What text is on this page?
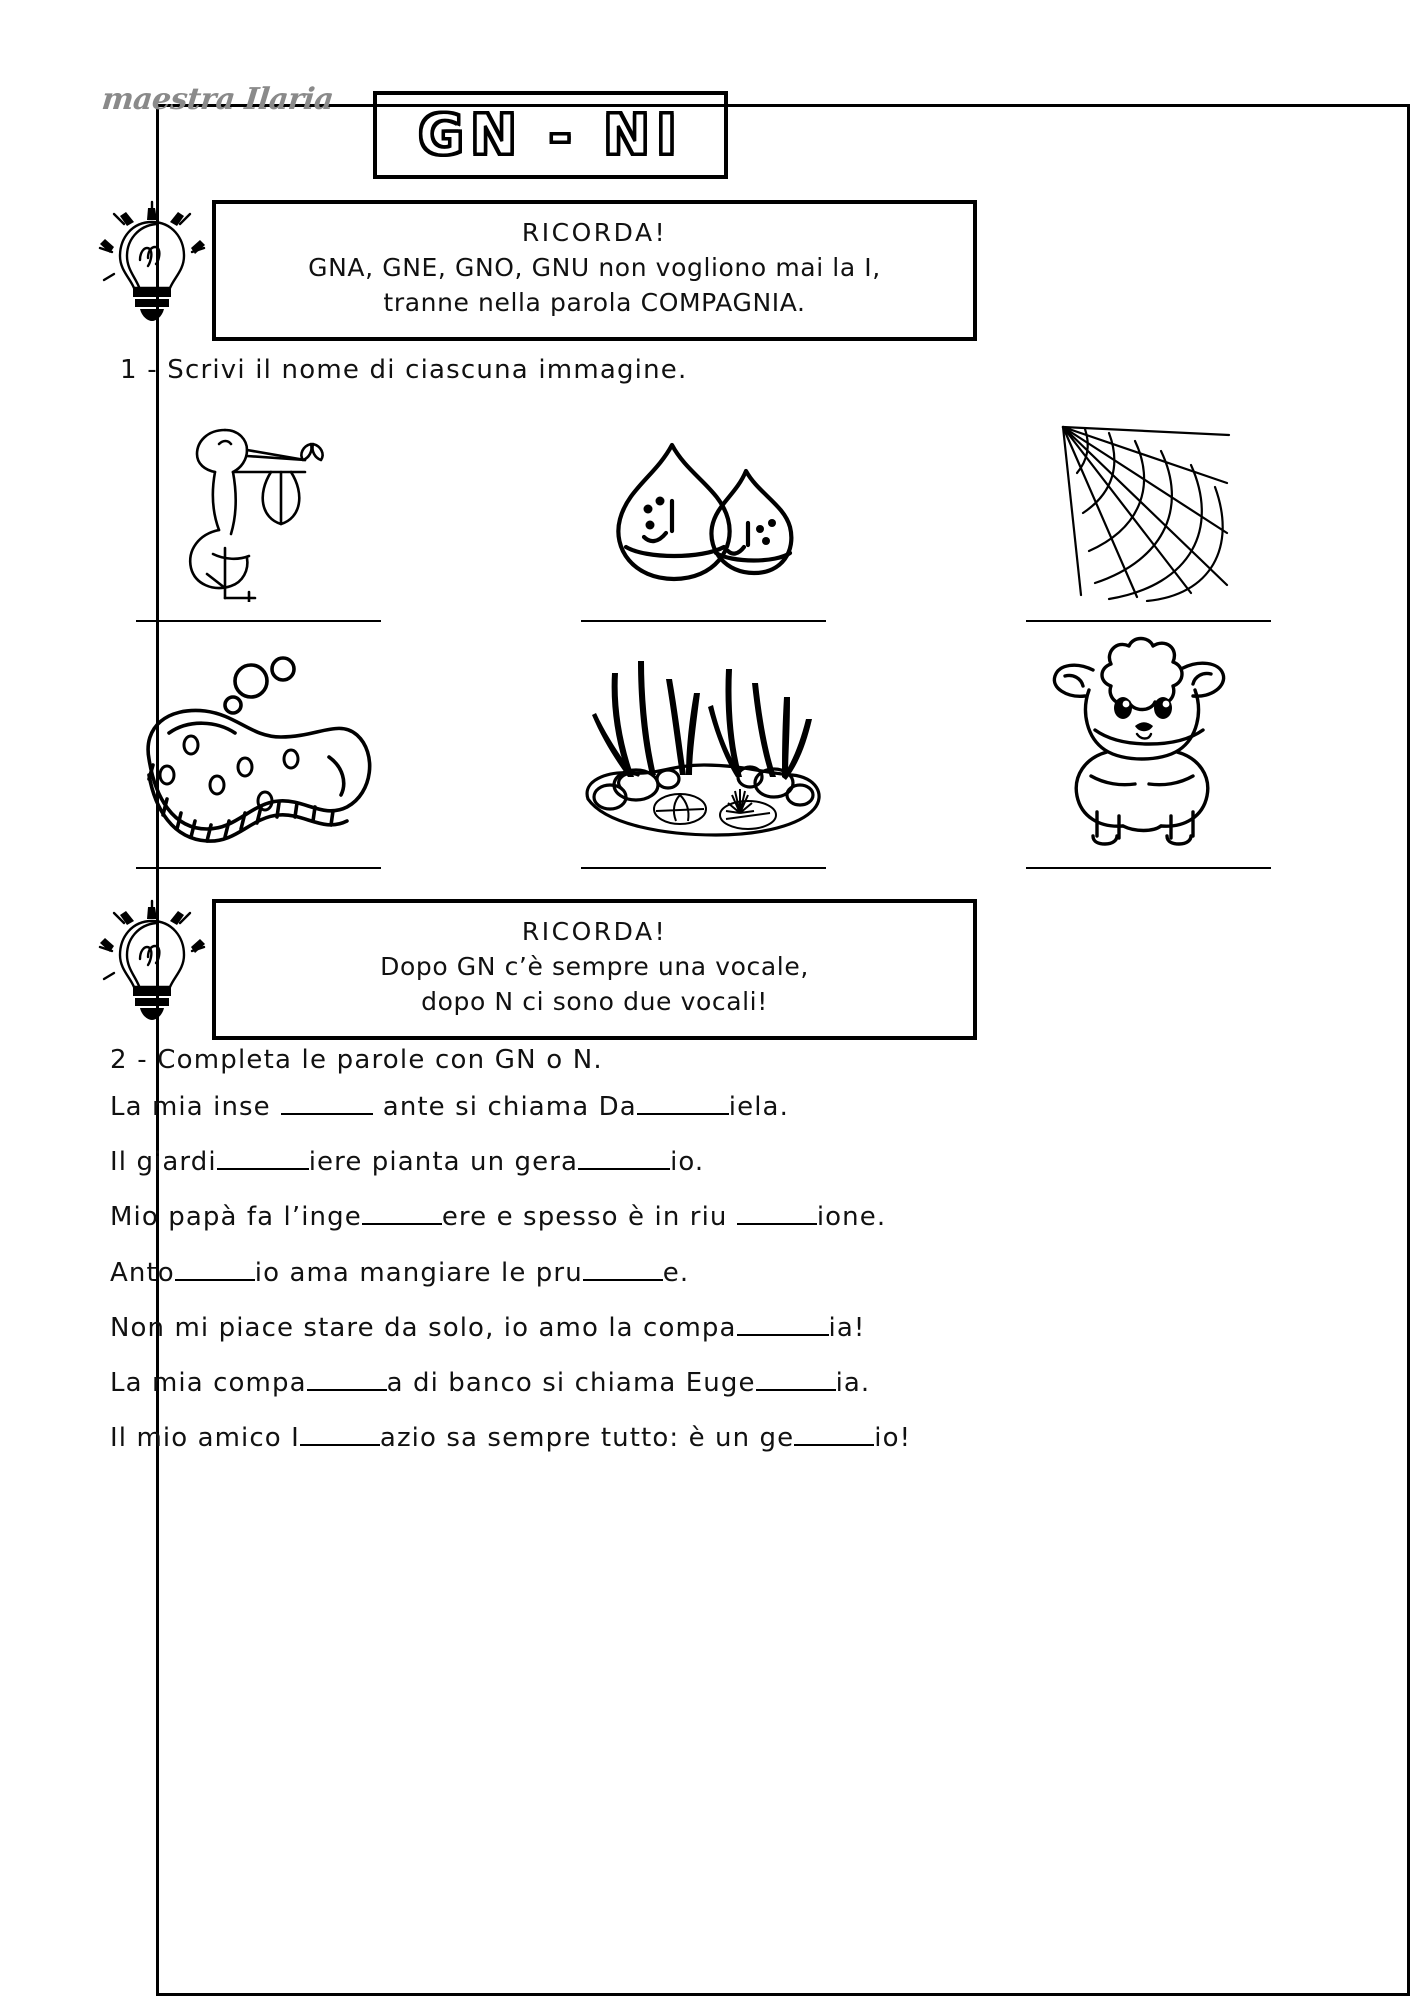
maestra Ilaria
GN - NI
RICORDA!
GNA, GNE, GNO, GNU non vogliono mai la I,
tranne nella parola COMPAGNIA.
1 - Scrivi il nome di ciascuna immagine.
RICORDA!
Dopo GN c’è sempre una vocale,
dopo N ci sono due vocali!
2 - Completa le parole con GN o N.
La mia inse	ante si chiama Da	iela.
Il giardi	iere pianta un gera	io.
Mio papà fa l’inge	ere e spesso è in riu	ione.
Anto	io ama mangiare le pru	e.
Non mi piace stare da solo, io amo la compa	ia!
La mia compa	a di banco si chiama Euge	ia.
Il mio amico I	azio sa sempre tutto: è un ge	io!
